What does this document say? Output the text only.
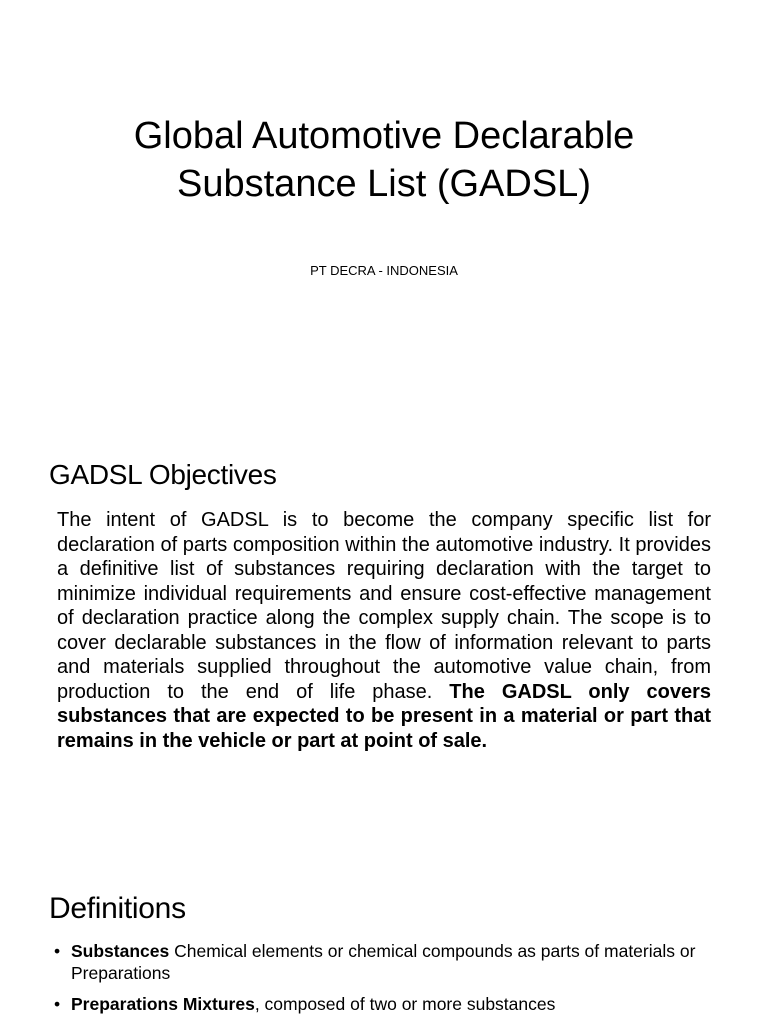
Global Automotive Declarable
Substance List (GADSL)

PT DECRA - INDONESIA

GADSL Objectives

The intent of GADSL is to become the company specific list for declaration of parts composition within the automotive industry. It provides a definitive list of substances requiring declaration with the target to minimize individual requirements and ensure cost-effective management of declaration practice along the complex supply chain. The scope is to cover declarable substances in the flow of information relevant to parts and materials supplied throughout the automotive value chain, from production to the end of life phase. The GADSL only covers substances that are expected to be present in a material or part that remains in the vehicle or part at point of sale.

Definitions
• Substances Chemical elements or chemical compounds as parts of materials or Preparations
• Preparations Mixtures, composed of two or more substances
